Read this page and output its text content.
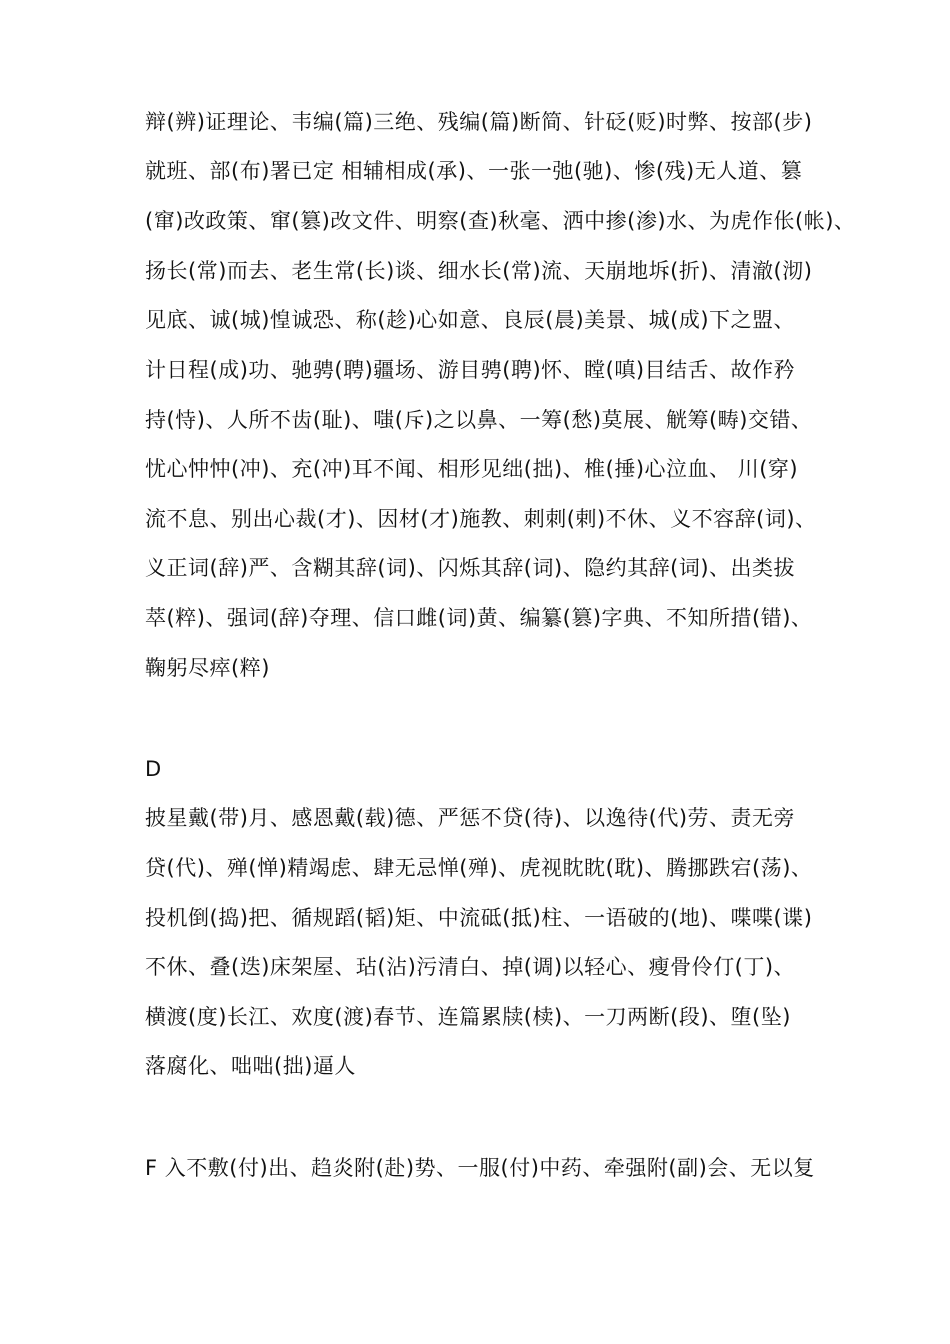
辩(辨)证理论、韦编(篇)三绝、残编(篇)断简、针砭(贬)时弊、按部(步)
就班、部(布)署已定 相辅相成(承)、一张一弛(驰)、惨(残)无人道、篡
(窜)改政策、窜(篡)改文件、明察(查)秋毫、洒中掺(渗)水、为虎作伥(帐)、
扬长(常)而去、老生常(长)谈、细水长(常)流、天崩地坼(折)、清澈(沏)
见底、诚(城)惶诚恐、称(趁)心如意、良辰(晨)美景、城(成)下之盟、
计日程(成)功、驰骋(聘)疆场、游目骋(聘)怀、瞠(嗔)目结舌、故作矜
持(恃)、人所不齿(耻)、嗤(斥)之以鼻、一筹(愁)莫展、觥筹(畴)交错、
忧心忡忡(冲)、充(冲)耳不闻、相形见绌(拙)、椎(捶)心泣血、 川(穿)
流不息、别出心裁(才)、因材(才)施教、刺刺(剌)不休、义不容辞(词)、
义正词(辞)严、含糊其辞(词)、闪烁其辞(词)、隐约其辞(词)、出类拔
萃(粹)、强词(辞)夺理、信口雌(词)黄、编纂(篡)字典、不知所措(错)、
鞠躬尽瘁(粹)
D
披星戴(带)月、感恩戴(载)德、严惩不贷(待)、以逸待(代)劳、责无旁
贷(代)、殚(惮)精竭虑、肆无忌惮(殚)、虎视眈眈(耽)、腾挪跌宕(荡)、
投机倒(捣)把、循规蹈(韬)矩、中流砥(抵)柱、一语破的(地)、喋喋(谍)
不休、叠(迭)床架屋、玷(沾)污清白、掉(调)以轻心、瘦骨伶仃(丁)、
横渡(度)长江、欢度(渡)春节、连篇累牍(椟)、一刀两断(段)、堕(坠)
落腐化、咄咄(拙)逼人
F 入不敷(付)出、趋炎附(赴)势、一服(付)中药、牵强附(副)会、无以复
